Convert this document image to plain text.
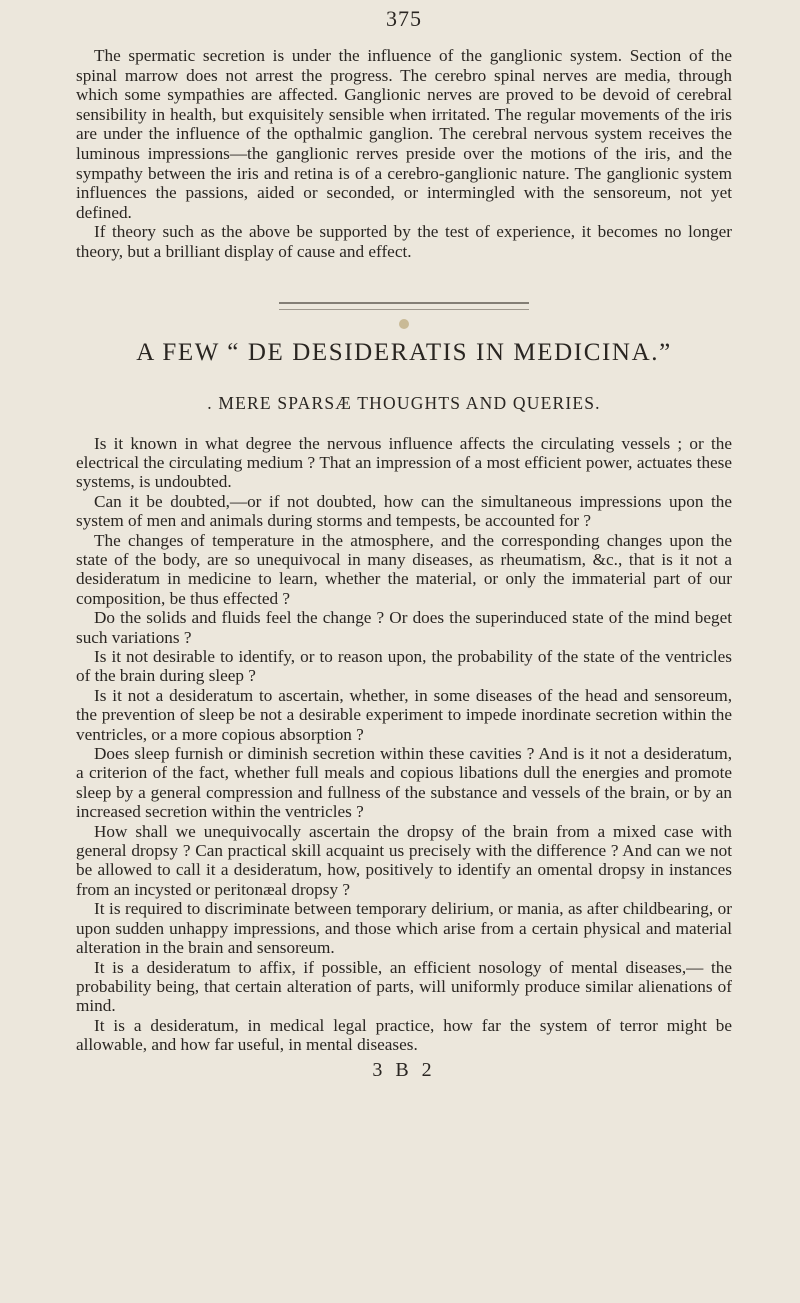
375

The spermatic secretion is under the influence of the ganglionic system. Section of the spinal marrow does not arrest the progress. The cerebro spinal nerves are media, through which some sympathies are affected. Ganglionic nerves are proved to be devoid of cerebral sensibility in health, but exquisitely sensible when irritated. The regular movements of the iris are under the influence of the opthalmic ganglion. The cerebral nervous system receives the luminous impressions—the ganglionic rerves preside over the motions of the iris, and the sympathy between the iris and retina is of a cerebro-ganglionic nature. The ganglionic system influences the passions, aided or seconded, or intermingled with the sensoreum, not yet defined.

If theory such as the above be supported by the test of experience, it becomes no longer theory, but a brilliant display of cause and effect.

A FEW “ DE DESIDERATIS IN MEDICINA.”
. MERE SPARSÆ THOUGHTS AND QUERIES.

Is it known in what degree the nervous influence affects the circulating vessels ; or the electrical the circulating medium ? That an impression of a most efficient power, actuates these systems, is undoubted.

Can it be doubted,—or if not doubted, how can the simultaneous impressions upon the system of men and animals during storms and tempests, be accounted for ?

The changes of temperature in the atmosphere, and the corresponding changes upon the state of the body, are so unequivocal in many diseases, as rheumatism, &c., that is it not a desideratum in medicine to learn, whether the material, or only the immaterial part of our composition, be thus effected ?

Do the solids and fluids feel the change ? Or does the superinduced state of the mind beget such variations ?

Is it not desirable to identify, or to reason upon, the probability of the state of the ventricles of the brain during sleep ?

Is it not a desideratum to ascertain, whether, in some diseases of the head and sensoreum, the prevention of sleep be not a desirable experiment to impede inordinate secretion within the ventricles, or a more copious absorption ?

Does sleep furnish or diminish secretion within these cavities ? And is it not a desideratum, a criterion of the fact, whether full meals and copious libations dull the energies and promote sleep by a general compression and fullness of the substance and vessels of the brain, or by an increased secretion within the ventricles ?

How shall we unequivocally ascertain the dropsy of the brain from a mixed case with general dropsy ? Can practical skill acquaint us precisely with the difference ? And can we not be allowed to call it a desideratum, how, positively to identify an omental dropsy in instances from an incysted or peritonæal dropsy ?

It is required to discriminate between temporary delirium, or mania, as after childbearing, or upon sudden unhappy impressions, and those which arise from a certain physical and material alteration in the brain and sensoreum.

It is a desideratum to affix, if possible, an efficient nosology of mental diseases,— the probability being, that certain alteration of parts, will uniformly produce similar alienations of mind.

It is a desideratum, in medical legal practice, how far the system of terror might be allowable, and how far useful, in mental diseases.

3 B 2
